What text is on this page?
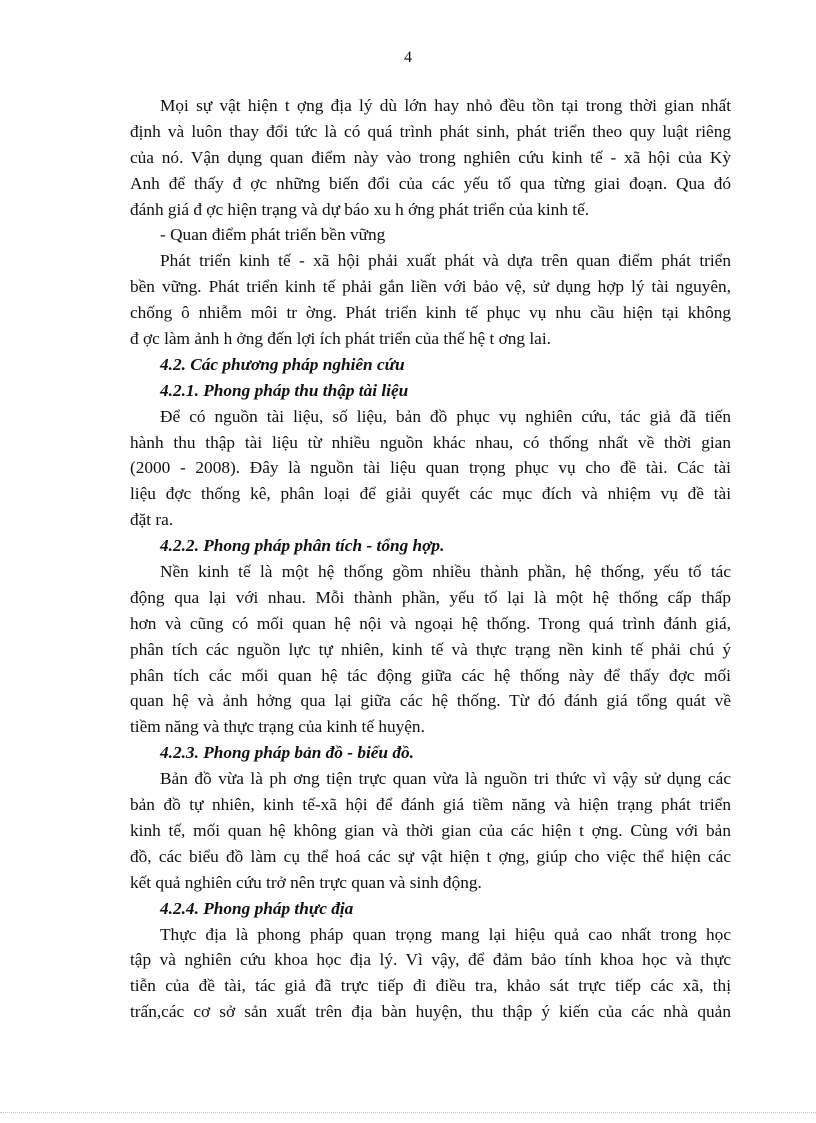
4
Mọi sự vật hiện t ợng địa lý dù lớn hay nhỏ đều tồn tại trong thời gian nhất
định và luôn thay đổi tức là có quá trình phát sinh, phát triển theo quy luật riêng
của nó. Vận dụng quan điểm này vào trong nghiên cứu kinh tế - xã hội của Kỳ
Anh để thấy đ ợc những biến đổi của các yếu tố qua từng giai đoạn. Qua đó
đánh giá đ ợc hiện trạng và dự báo xu h ớng phát triển của kinh tế.
- Quan điểm phát triển bền vững
Phát triển kinh tế - xã hội phải xuất phát và dựa trên quan điểm phát triển
bền vững. Phát triển kinh tế phải gắn liền với bảo vệ, sử dụng hợp lý tài nguyên,
chống ô nhiễm môi tr ờng. Phát triển kinh tế phục vụ nhu cầu hiện tại không
đ ợc làm ảnh h ởng đến lợi ích phát triển của thế hệ t ơng lai.
4.2. Các phương pháp nghiên cứu
4.2.1. Phong pháp thu thập tài liệu
Để có nguồn tài liệu, số liệu, bản đồ phục vụ nghiên cứu, tác giả đã tiến
hành thu thập tài liệu từ nhiều nguồn khác nhau, có thống nhất về thời gian
(2000 - 2008). Đây là nguồn tài liệu quan trọng phục vụ cho đề tài. Các tài
liệu đợc thống kê, phân loại để giải quyết các mục đích và nhiệm vụ đề tài
đặt ra.
4.2.2. Phong pháp phân tích - tổng hợp.
Nền kinh tế là một hệ thống gồm nhiều thành phần, hệ thống, yếu tố tác
động qua lại với nhau. Mỗi thành phần, yếu tố lại là một hệ thống cấp thấp
hơn và cũng có mối quan hệ nội và ngoại hệ thống. Trong quá trình đánh giá,
phân tích các nguồn lực tự nhiên, kinh tế và thực trạng nền kinh tế phải chú ý
phân tích các mối quan hệ tác động giữa các hệ thống này để thấy đợc mối
quan hệ và ảnh hởng qua lại giữa các hệ thống. Từ đó đánh giá tổng quát về
tiềm năng và thực trạng của kinh tế huyện.
4.2.3. Phong pháp bản đồ - biểu đồ.
Bản đồ vừa là ph ơng tiện trực quan vừa là nguồn tri thức vì vậy sử dụng các
bản đồ tự nhiên, kinh tế-xã hội để đánh giá tiềm năng và hiện trạng phát triển
kinh tế, mối quan hệ không gian và thời gian của các hiện t ợng. Cùng với bản
đồ, các biểu đồ làm cụ thể hoá các sự vật hiện t ợng, giúp cho việc thể hiện các
kết quả nghiên cứu trở nên trực quan và sinh động.
4.2.4. Phong pháp thực địa
Thực địa là phong pháp quan trọng mang lại hiệu quả cao nhất trong học
tập và nghiên cứu khoa học địa lý. Vì vậy, để đảm bảo tính khoa học và thực
tiễn của đề tài, tác giả đã trực tiếp đi điều tra, khảo sát trực tiếp các xã, thị
trấn,các cơ sở sản xuất trên địa bàn huyện, thu thập ý kiến của các nhà quản
